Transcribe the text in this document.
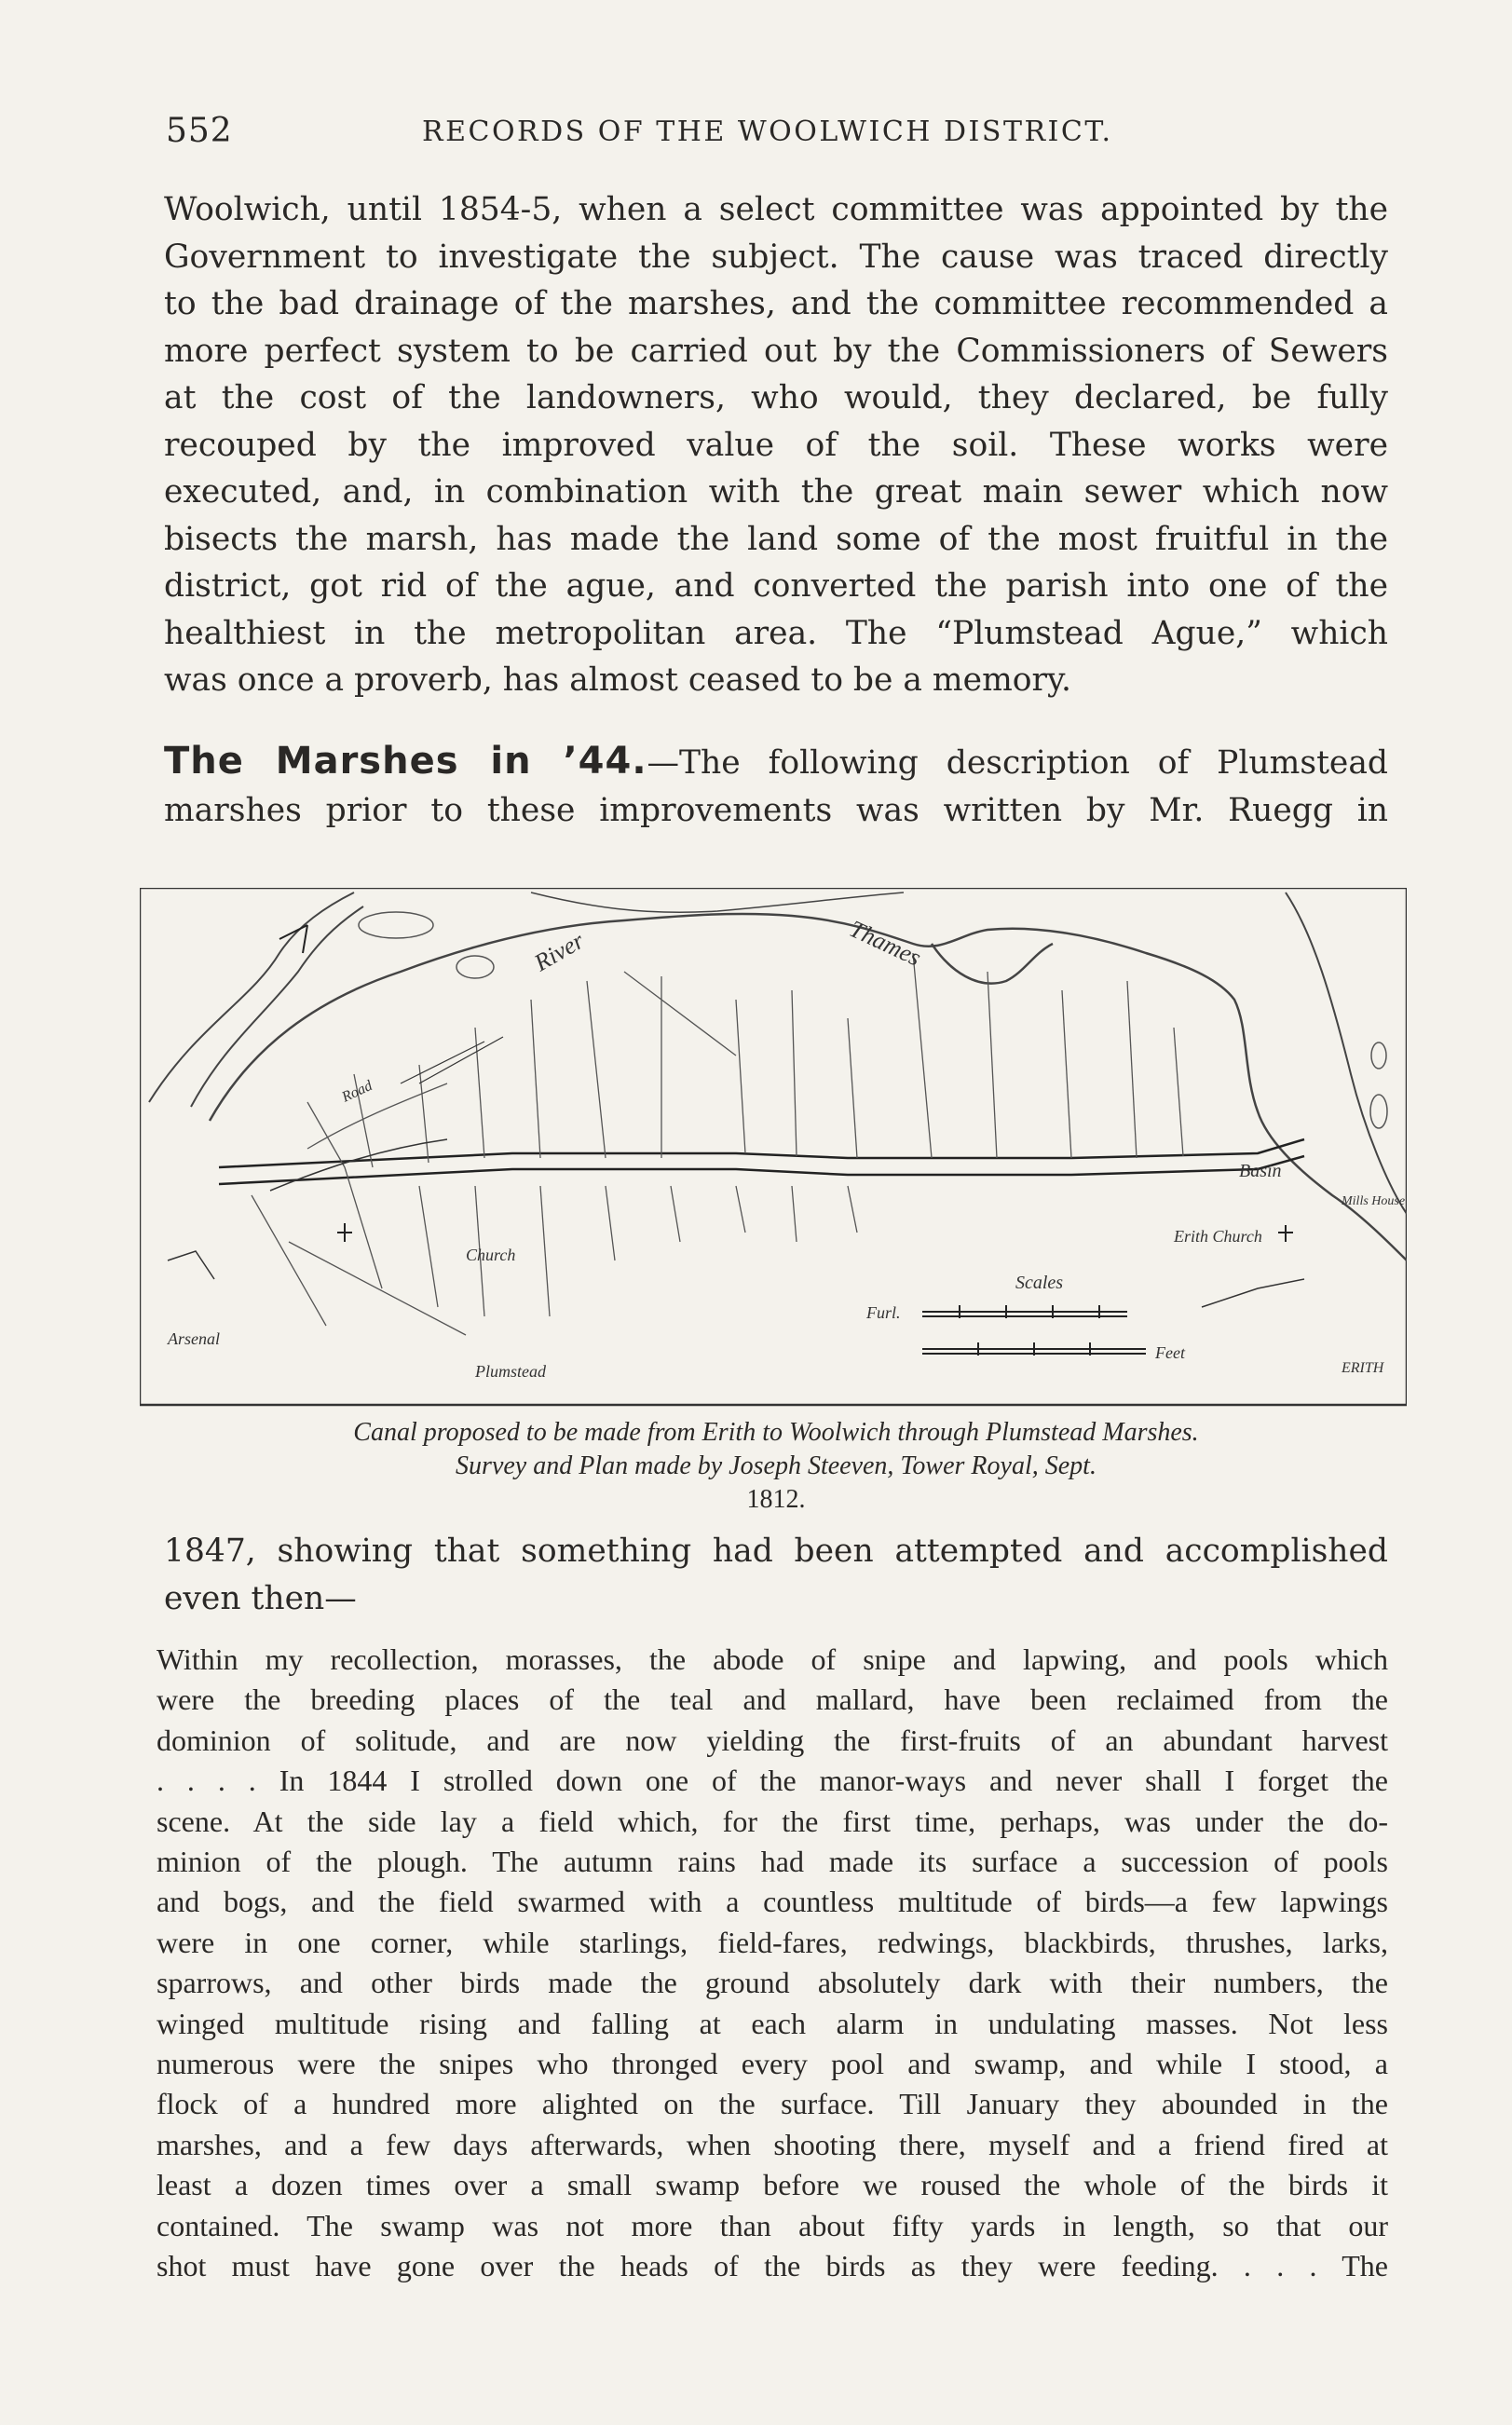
552	RECORDS OF THE WOOLWICH DISTRICT.

Woolwich, until 1854-5, when a select committee was appointed by the
Government to investigate the subject. The cause was traced directly
to the bad drainage of the marshes, and the committee recommended a
more perfect system to be carried out by the Commissioners of Sewers
at the cost of the landowners, who would, they declared, be fully
recouped by the improved value of the soil. These works were
executed, and, in combination with the great main sewer which now
bisects the marsh, has made the land some of the most fruitful in the
district, got rid of the ague, and converted the parish into one of the
healthiest in the metropolitan area. The “Plumstead Ague,” which
was once a proverb, has almost ceased to be a memory.

The Marshes in ’44.—The following description of Plumstead
marshes prior to these improvements was written by Mr. Ruegg in

River	Thames
Road
Plumstead
Arsenal
Church
Erith Church
Basin
ERITH
Scales
Furl.
Feet
Mills House
Canal proposed to be made from Erith to Woolwich through Plumstead Marshes.
Survey and Plan made by Joseph Steeven, Tower Royal, Sept.
1812.

1847, showing that something had been attempted and accomplished
even then—

Within my recollection, morasses, the abode of snipe and lapwing, and pools which
were the breeding places of the teal and mallard, have been reclaimed from the
dominion of solitude, and are now yielding the first-fruits of an abundant harvest
. . . . In 1844 I strolled down one of the manor-ways and never shall I forget the
scene. At the side lay a field which, for the first time, perhaps, was under the do-
minion of the plough. The autumn rains had made its surface a succession of pools
and bogs, and the field swarmed with a countless multitude of birds—a few lapwings
were in one corner, while starlings, field-fares, redwings, blackbirds, thrushes, larks,
sparrows, and other birds made the ground absolutely dark with their numbers, the
winged multitude rising and falling at each alarm in undulating masses. Not less
numerous were the snipes who thronged every pool and swamp, and while I stood, a
flock of a hundred more alighted on the surface. Till January they abounded in the
marshes, and a few days afterwards, when shooting there, myself and a friend fired at
least a dozen times over a small swamp before we roused the whole of the birds it
contained. The swamp was not more than about fifty yards in length, so that our
shot must have gone over the heads of the birds as they were feeding. . . . The
